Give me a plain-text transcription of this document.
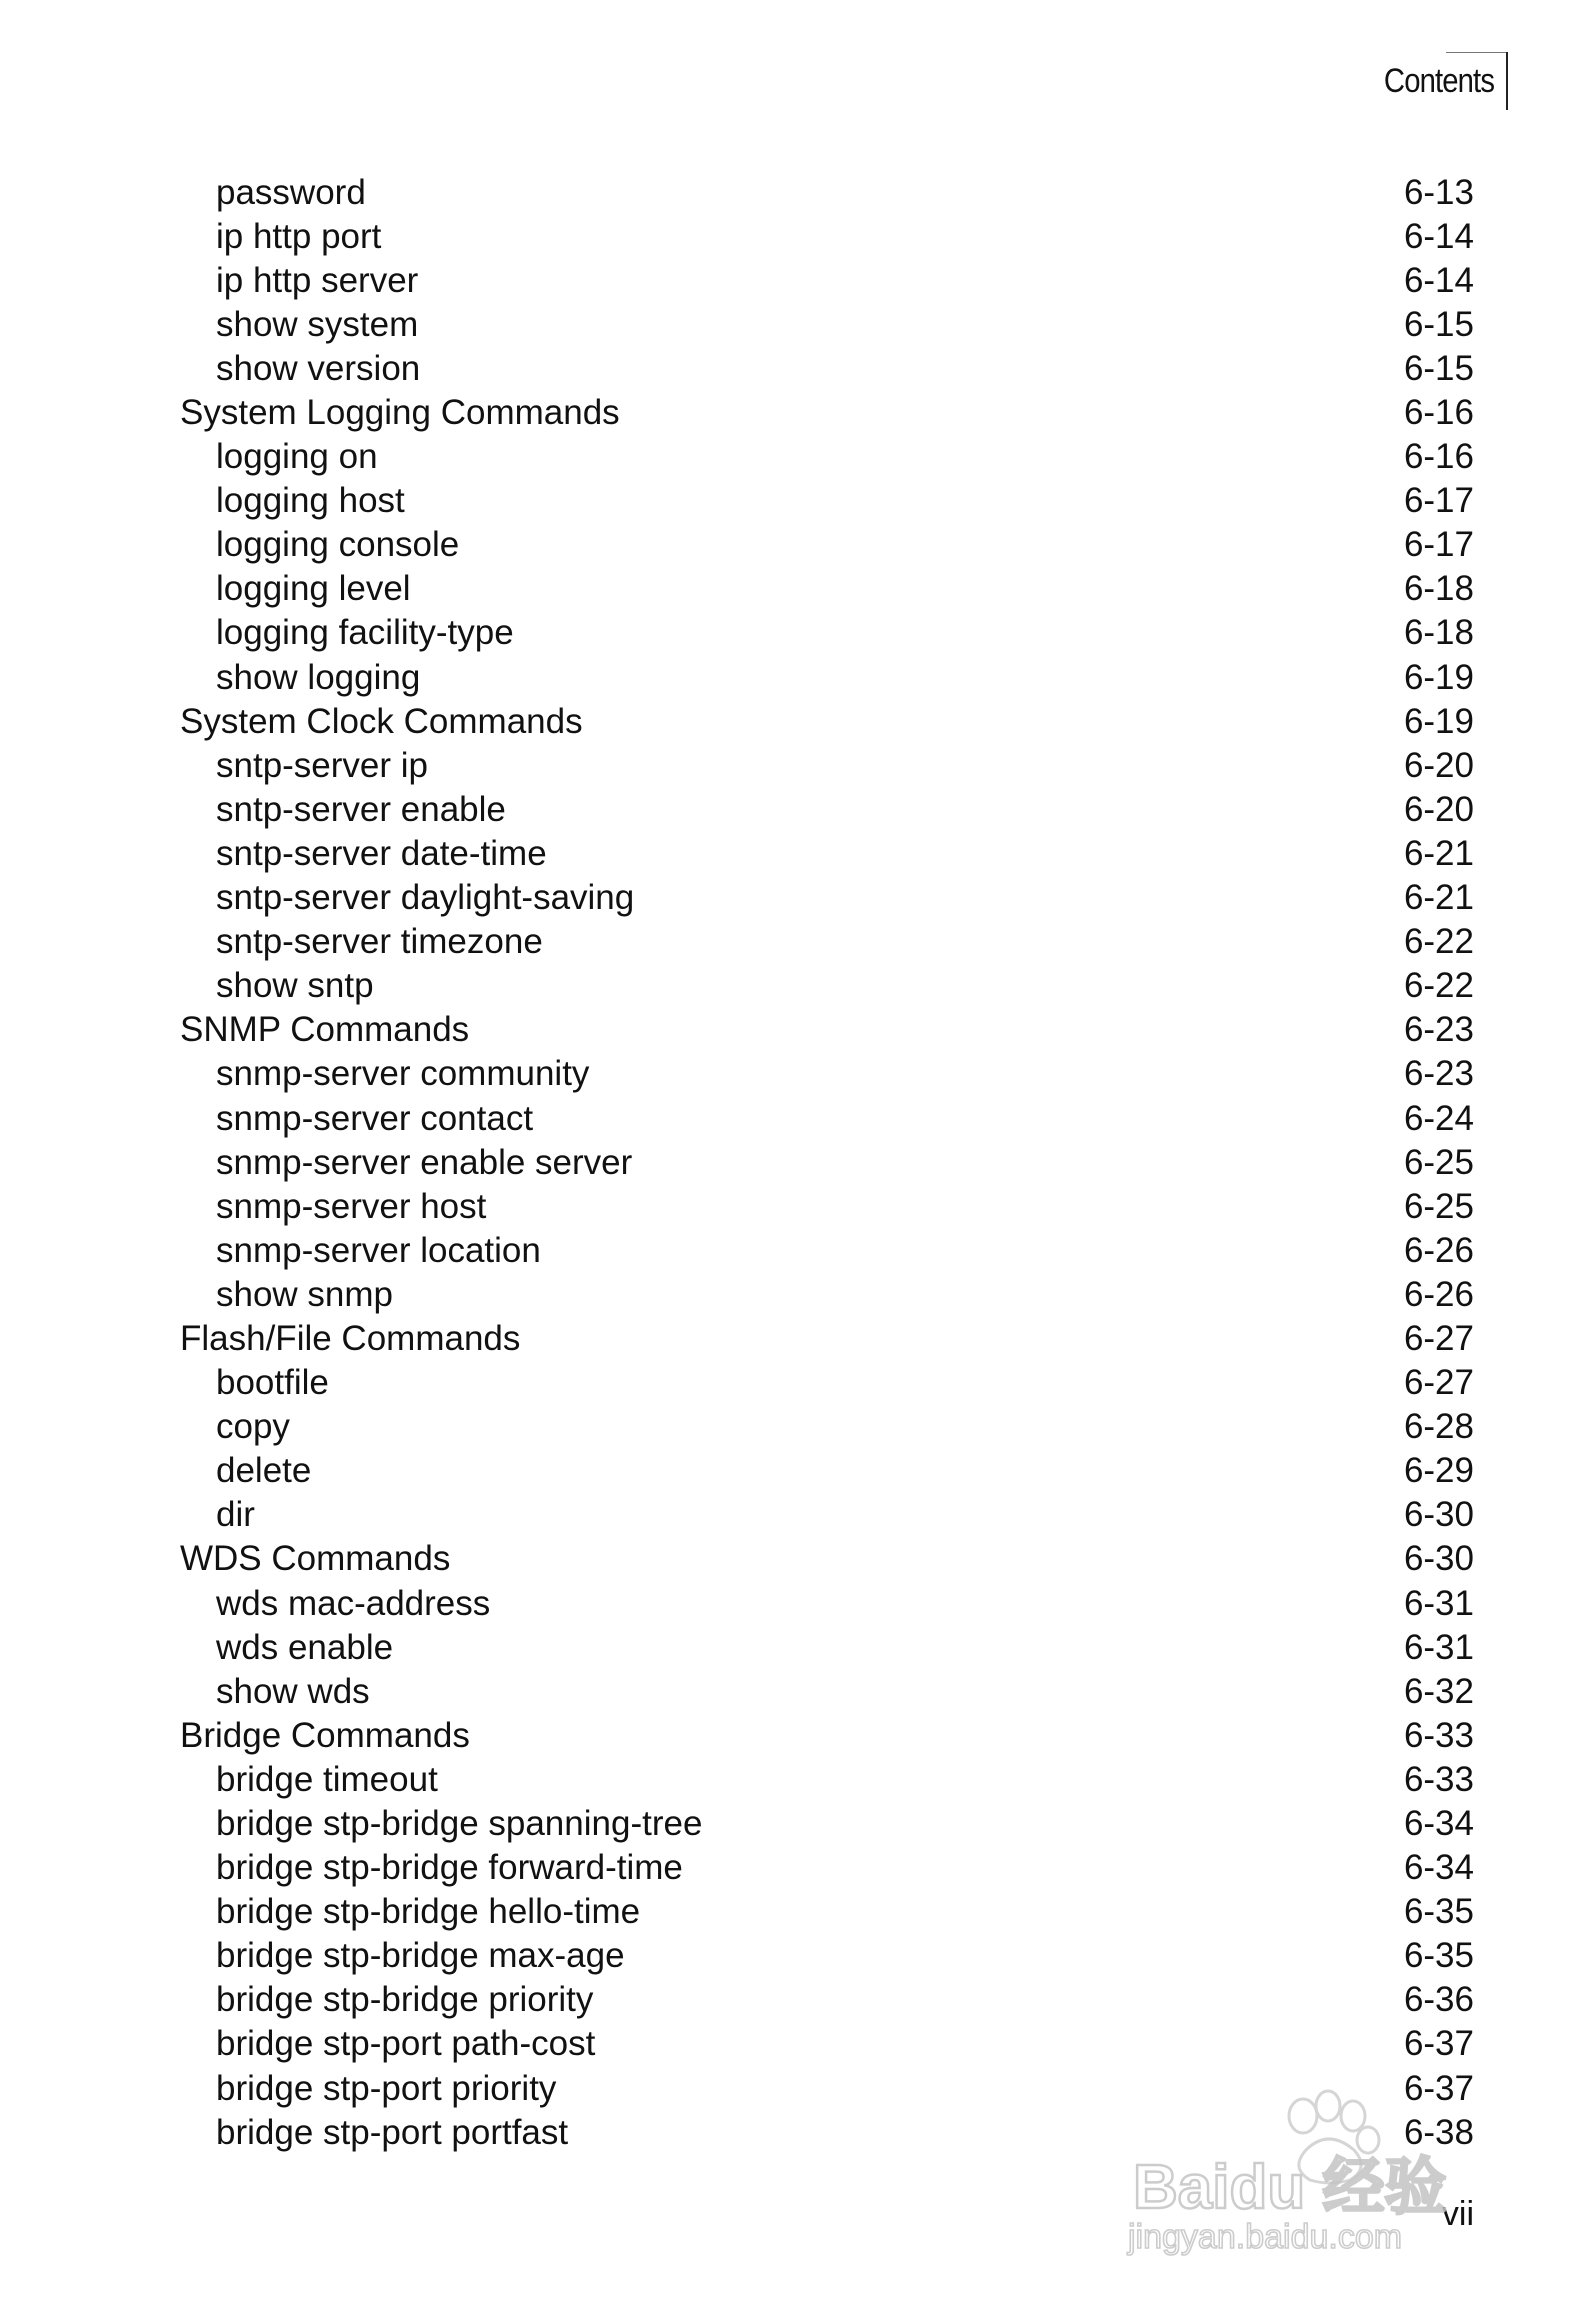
Contents
password	6-13
ip http port	6-14
ip http server	6-14
show system	6-15
show version	6-15
System Logging Commands	6-16
logging on	6-16
logging host	6-17
logging console	6-17
logging level	6-18
logging facility-type	6-18
show logging	6-19
System Clock Commands	6-19
sntp-server ip	6-20
sntp-server enable	6-20
sntp-server date-time	6-21
sntp-server daylight-saving	6-21
sntp-server timezone	6-22
show sntp	6-22
SNMP Commands	6-23
snmp-server community	6-23
snmp-server contact	6-24
snmp-server enable server	6-25
snmp-server host	6-25
snmp-server location	6-26
show snmp	6-26
Flash/File Commands	6-27
bootfile	6-27
copy	6-28
delete	6-29
dir	6-30
WDS Commands	6-30
wds mac-address	6-31
wds enable	6-31
show wds	6-32
Bridge Commands	6-33
bridge timeout	6-33
bridge stp-bridge spanning-tree	6-34
bridge stp-bridge forward-time	6-34
bridge stp-bridge hello-time	6-35
bridge stp-bridge max-age	6-35
bridge stp-bridge priority	6-36
bridge stp-port path-cost	6-37
bridge stp-port priority	6-37
bridge stp-port portfast	6-38
vii
Baidu 经验
jingyan.baidu.com
